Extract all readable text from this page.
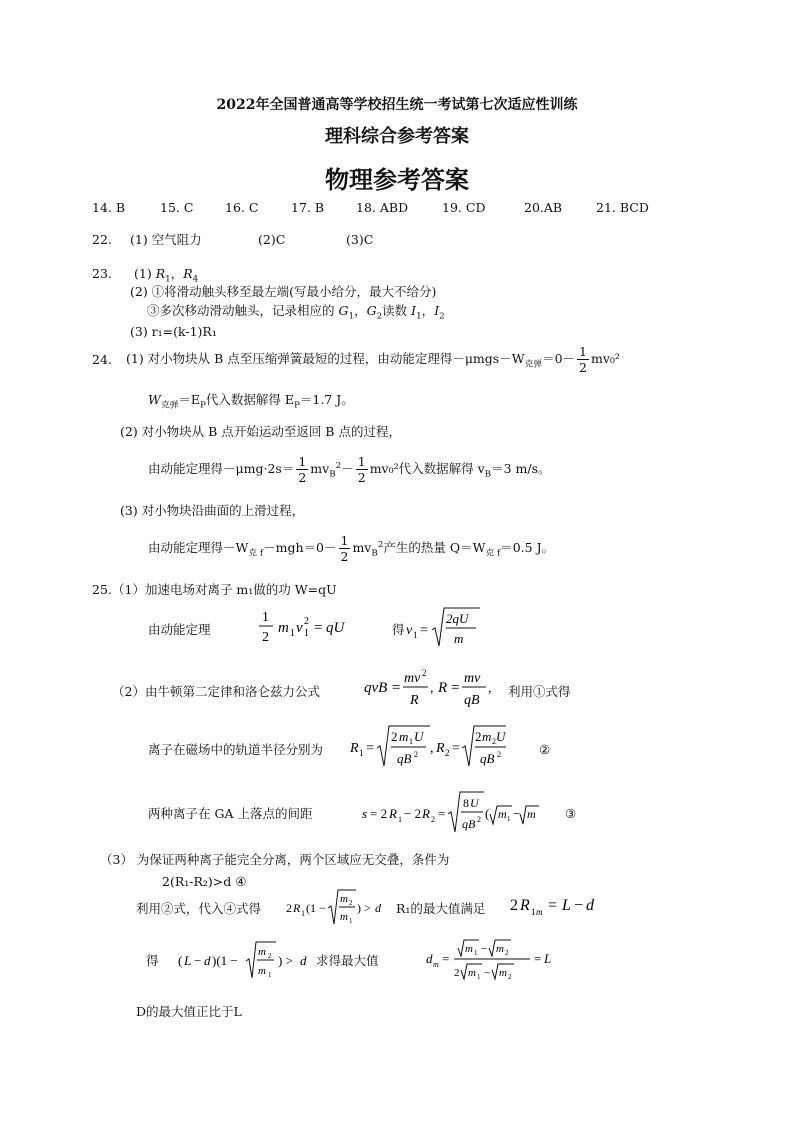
2022年全国普通高等学校招生统一考试第七次适应性训练
理科综合参考答案
物理参考答案
14. B	15. C	16. C	17. B	18. ABD	19. CD	20.AB	21. BCD
22. (1) 空气阻力	(2)C	(3)C
23. (1) $R_1$，$R_4$
(2) ①将滑动触头移至最左端(写最小给分，最大不给分)
③多次移动滑动触头，记录相应的 $G_1$，$G_2$读数 $I_1$，$I_2$
(3) r₁=(k-1)R₁
24. (1) 对小物块从 B 点至压缩弹簧最短的过程，由动能定理得$-\mu mgs-W_{克弹}=0- \frac{1}{2} mv_0^2$
$W_{克弹}=E_P$代入数据解得 $E_P=1.7$ J。
(2) 对小物块从 B 点开始运动至返回 B 点的过程，
由动能定理得$-\mu mg\cdot 2s= \frac{1}{2} mv_B^2- \frac{1}{2} mv_0^2$代入数据解得 $v_B=3$ m/s。
(3) 对小物块沿曲面的上滑过程，
由动能定理得$-W_{克 f}-mgh=0- \frac{1}{2} mv_B^2$产生的热量 $Q=W_{克 f}=0.5$ J。
25. （1）加速电场对离子 m₁做的功 W=qU
由动能定理
1
2
m 1 v 1
2 = qU	得 v 1 =
2qU
m
（2）由牛顿第二定律和洛仑兹力公式	qvB =
mv 2
R
, R =
mv
qB
, 利用①式得
离子在磁场中的轨道半径分别为 R 1 =
2 m 1 U
qB 2 , R 2 =
2 m 2 U
qB 2	②
两种离子在 GA 上落点的间距	s = 2 R 1 − 2 R 2 =
8 U
qB 2 ( m 1 − m ③
（3） 为保证两种离子能完全分离，两个区域应无交叠，条件为
2(R₁-R₂)>d ④
利用②式，代入④式得 2 R 1 (1 −
m 2
m 1
) > d R₁的最大值满足 2 R 1 m = L − d
得 ( L − d )(1 −
m 2
m 1
) > d 求得最大值	d m =
m 1 − m 2
2 m 1 − m 2
= L
D的最大值正比于L
